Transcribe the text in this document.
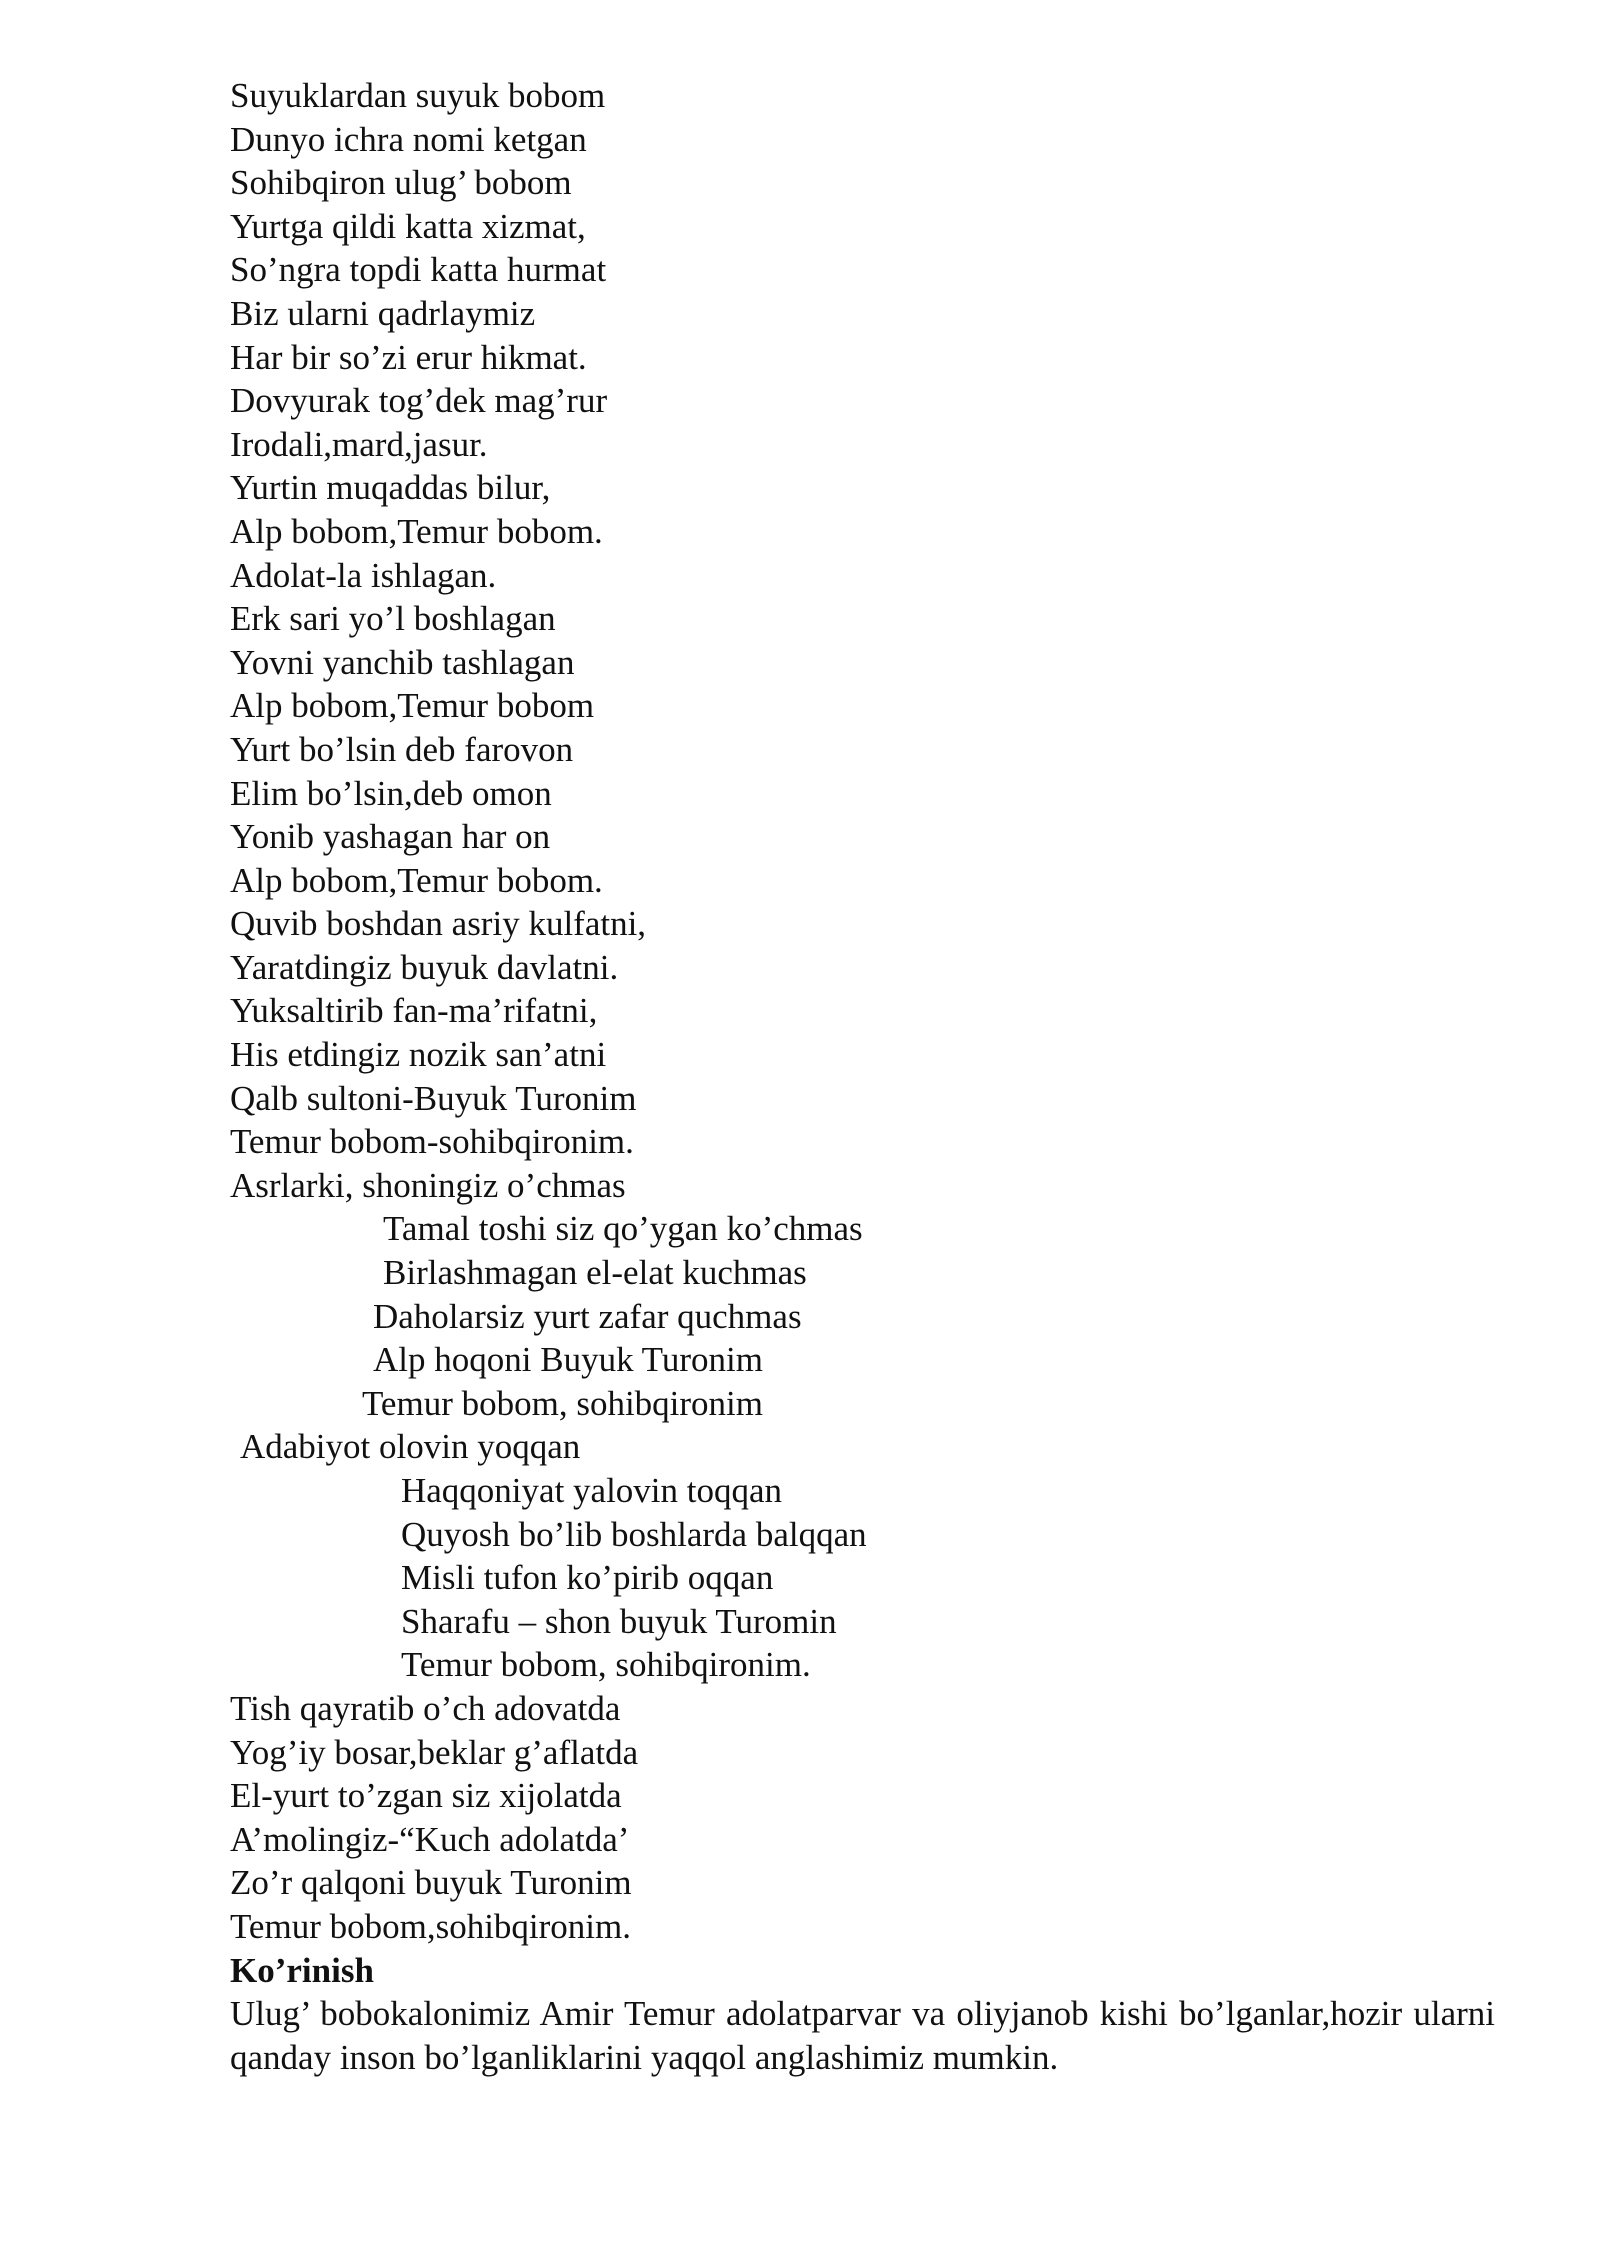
Suyuklardan suyuk bobom
Dunyo ichra nomi ketgan
Sohibqiron ulug’ bobom
Yurtga qildi katta xizmat,
So’ngra topdi katta hurmat
Biz ularni qadrlaymiz
Har bir so’zi erur hikmat.
Dovyurak tog’dek mag’rur
Irodali,mard,jasur.
Yurtin muqaddas bilur,
Alp bobom,Temur bobom.
Adolat-la ishlagan.
Erk sari yo’l boshlagan
Yovni yanchib tashlagan
Alp bobom,Temur bobom
Yurt bo’lsin deb farovon
Elim bo’lsin,deb omon
Yonib yashagan har on
Alp bobom,Temur bobom.
Quvib boshdan asriy kulfatni,
Yaratdingiz buyuk davlatni.
Yuksaltirib fan-ma’rifatni,
His etdingiz nozik san’atni
Qalb sultoni-Buyuk Turonim
Temur bobom-sohibqironim.
Asrlarki, shoningiz o’chmas
Tamal toshi siz qo’ygan ko’chmas
Birlashmagan el-elat kuchmas
Daholarsiz yurt zafar quchmas
Alp hoqoni Buyuk Turonim
Temur bobom, sohibqironim
Adabiyot olovin yoqqan
Haqqoniyat yalovin toqqan
Quyosh bo’lib boshlarda balqqan
Misli tufon ko’pirib oqqan
Sharafu – shon buyuk Turomin
Temur bobom, sohibqironim.
Tish qayratib o’ch adovatda
Yog’iy bosar,beklar g’aflatda
El-yurt to’zgan siz xijolatda
A’molingiz-“Kuch adolatda’
Zo’r qalqoni buyuk Turonim
Temur bobom,sohibqironim.
Ko’rinish
Ulug’ bobokalonimiz Amir Temur adolatparvar va oliyjanob kishi bo’lganlar,hozir ularni qanday inson bo’lganliklarini yaqqol anglashimiz mumkin.
